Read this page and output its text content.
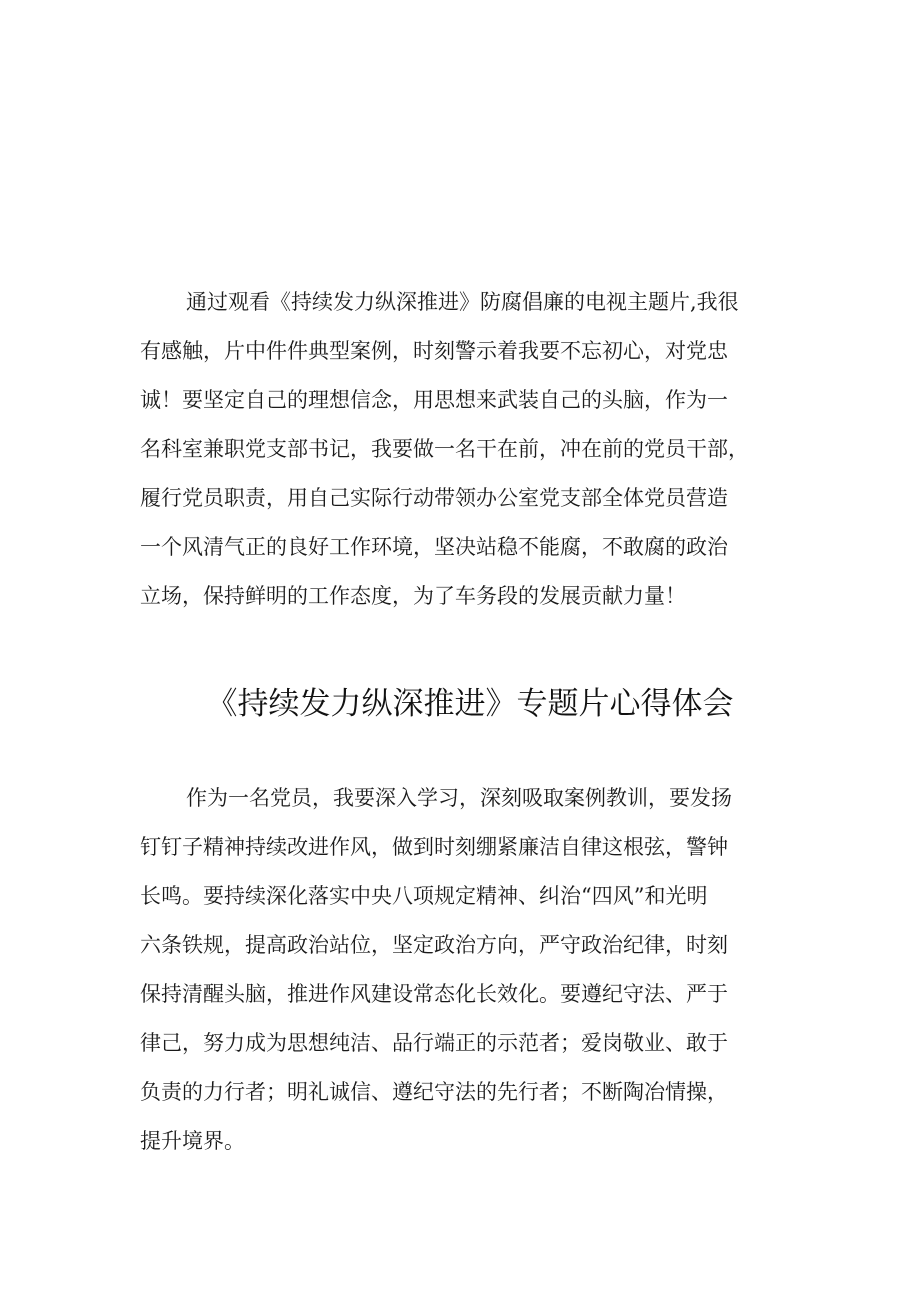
通过观看《持续发力纵深推进》防腐倡廉的电视主题片,我很
有感触，片中件件典型案例，时刻警示着我要不忘初心，对党忠
诚！要坚定自己的理想信念，用思想来武装自己的头脑，作为一
名科室兼职党支部书记，我要做一名干在前，冲在前的党员干部，
履行党员职责，用自己实际行动带领办公室党支部全体党员营造
一个风清气正的良好工作环境，坚决站稳不能腐，不敢腐的政治
立场，保持鲜明的工作态度，为了车务段的发展贡献力量！
《持续发力纵深推进》专题片心得体会
作为一名党员，我要深入学习，深刻吸取案例教训，要发扬
钉钉子精神持续改进作风，做到时刻绷紧廉洁自律这根弦，警钟
长鸣。要持续深化落实中央八项规定精神、纠治“四风”和光明
六条铁规，提高政治站位，坚定政治方向，严守政治纪律，时刻
保持清醒头脑，推进作风建设常态化长效化。要遵纪守法、严于
律己，努力成为思想纯洁、品行端正的示范者；爱岗敬业、敢于
负责的力行者；明礼诚信、遵纪守法的先行者；不断陶冶情操，
提升境界。
